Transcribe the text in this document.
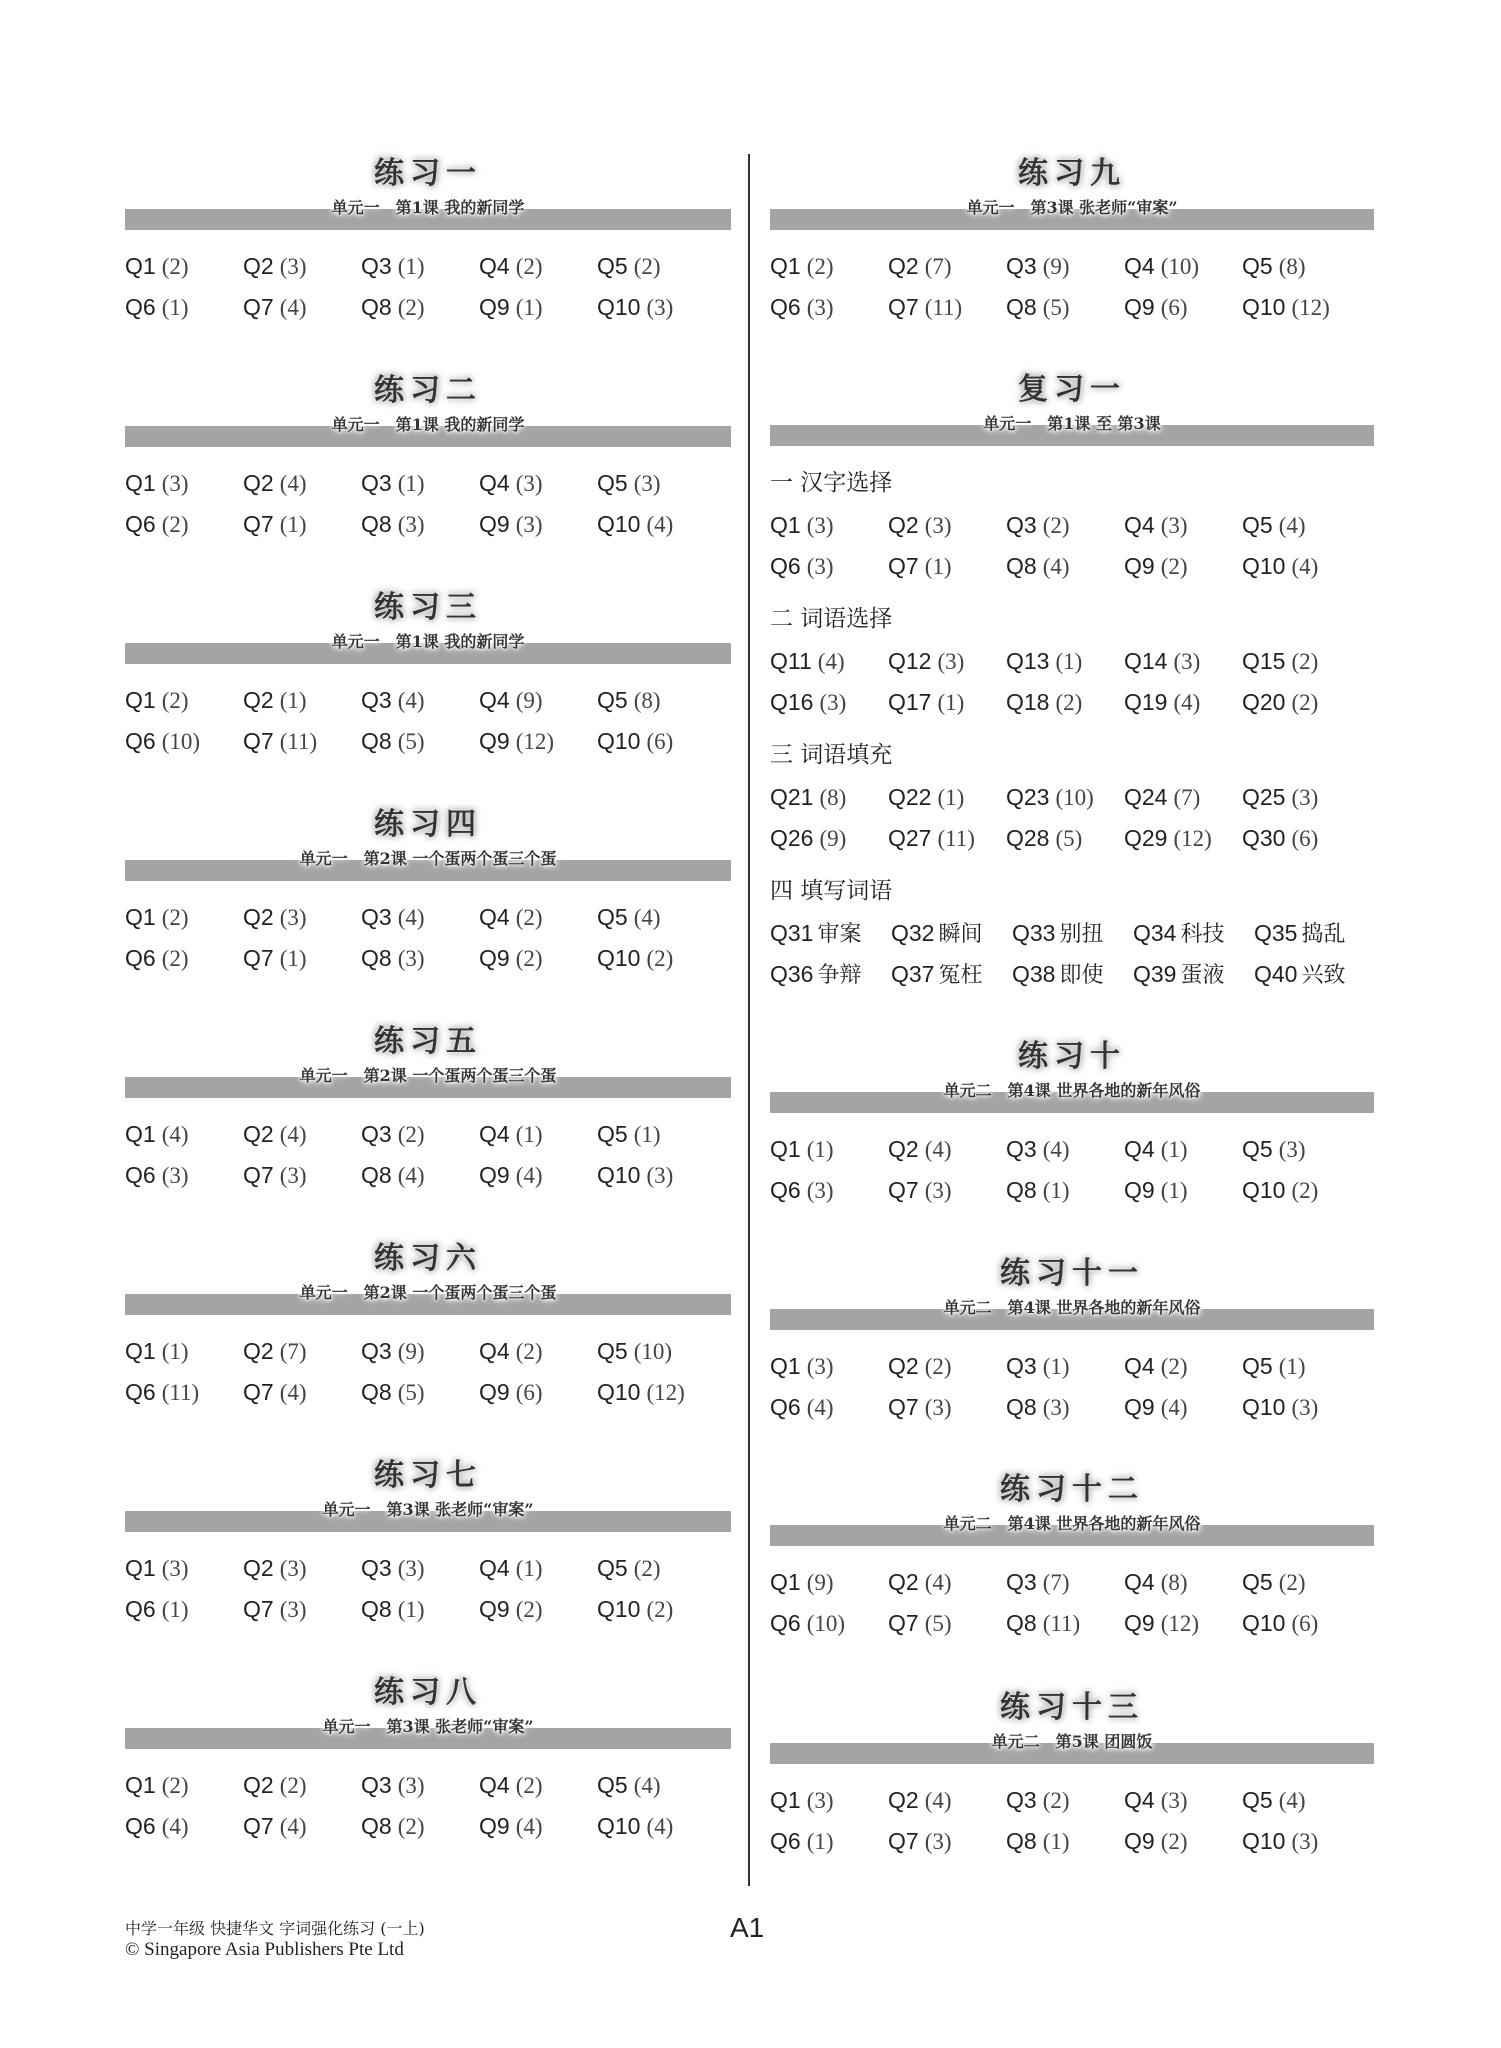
练习一
单元一　第1课 我的新同学
Q1 (2)	Q2 (3)	Q3 (1)	Q4 (2)	Q5 (2)
Q6 (1)	Q7 (4)	Q8 (2)	Q9 (1)	Q10 (3)
练习二
单元一　第1课 我的新同学
Q1 (3)	Q2 (4)	Q3 (1)	Q4 (3)	Q5 (3)
Q6 (2)	Q7 (1)	Q8 (3)	Q9 (3)	Q10 (4)
练习三
单元一　第1课 我的新同学
Q1 (2)	Q2 (1)	Q3 (4)	Q4 (9)	Q5 (8)
Q6 (10)	Q7 (11)	Q8 (5)	Q9 (12)	Q10 (6)
练习四
单元一　第2课 一个蛋两个蛋三个蛋
Q1 (2)	Q2 (3)	Q3 (4)	Q4 (2)	Q5 (4)
Q6 (2)	Q7 (1)	Q8 (3)	Q9 (2)	Q10 (2)
练习五
单元一　第2课 一个蛋两个蛋三个蛋
Q1 (4)	Q2 (4)	Q3 (2)	Q4 (1)	Q5 (1)
Q6 (3)	Q7 (3)	Q8 (4)	Q9 (4)	Q10 (3)
练习六
单元一　第2课 一个蛋两个蛋三个蛋
Q1 (1)	Q2 (7)	Q3 (9)	Q4 (2)	Q5 (10)
Q6 (11)	Q7 (4)	Q8 (5)	Q9 (6)	Q10 (12)
练习七
单元一　第3课 张老师“审案”
Q1 (3)	Q2 (3)	Q3 (3)	Q4 (1)	Q5 (2)
Q6 (1)	Q7 (3)	Q8 (1)	Q9 (2)	Q10 (2)
练习八
单元一　第3课 张老师“审案”
Q1 (2)	Q2 (2)	Q3 (3)	Q4 (2)	Q5 (4)
Q6 (4)	Q7 (4)	Q8 (2)	Q9 (4)	Q10 (4)
练习九
单元一　第3课 张老师“审案”
Q1 (2)	Q2 (7)	Q3 (9)	Q4 (10)	Q5 (8)
Q6 (3)	Q7 (11)	Q8 (5)	Q9 (6)	Q10 (12)
练习十
单元二　第4课 世界各地的新年风俗
Q1 (1)	Q2 (4)	Q3 (4)	Q4 (1)	Q5 (3)
Q6 (3)	Q7 (3)	Q8 (1)	Q9 (1)	Q10 (2)
练习十一
单元二　第4课 世界各地的新年风俗
Q1 (3)	Q2 (2)	Q3 (1)	Q4 (2)	Q5 (1)
Q6 (4)	Q7 (3)	Q8 (3)	Q9 (4)	Q10 (3)
练习十二
单元二　第4课 世界各地的新年风俗
Q1 (9)	Q2 (4)	Q3 (7)	Q4 (8)	Q5 (2)
Q6 (10)	Q7 (5)	Q8 (11)	Q9 (12)	Q10 (6)
练习十三
单元二　第5课 团圆饭
Q1 (3)	Q2 (4)	Q3 (2)	Q4 (3)	Q5 (4)
Q6 (1)	Q7 (3)	Q8 (1)	Q9 (2)	Q10 (3)
复习一
单元一　第1课 至 第3课
一 汉字选择
Q1 (3)	Q2 (3)	Q3 (2)	Q4 (3)	Q5 (4)
Q6 (3)	Q7 (1)	Q8 (4)	Q9 (2)	Q10 (4)
二 词语选择
Q11 (4)	Q12 (3)	Q13 (1)	Q14 (3)	Q15 (2)
Q16 (3)	Q17 (1)	Q18 (2)	Q19 (4)	Q20 (2)
三 词语填充
Q21 (8)	Q22 (1)	Q23 (10)	Q24 (7)	Q25 (3)
Q26 (9)	Q27 (11)	Q28 (5)	Q29 (12)	Q30 (6)
四 填写词语
Q31 审案	Q32 瞬间	Q33 别扭	Q34 科技	Q35 捣乱
Q36 争辩	Q37 冤枉	Q38 即使	Q39 蛋液	Q40 兴致
中学一年级 快捷华文 字词强化练习 (一上)
© Singapore Asia Publishers Pte Ltd
A1
